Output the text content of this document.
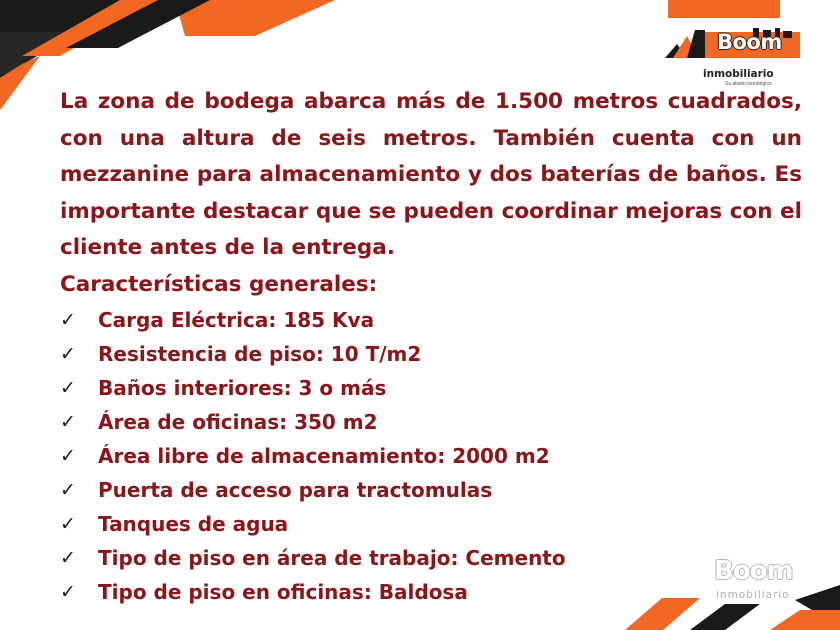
Boom
inmobiliario
Su aliado estratégico

La zona de bodega abarca más de 1.500 metros cuadrados, con una altura de seis metros. También cuenta con un mezzanine para almacenamiento y dos baterías de baños. Es importante destacar que se pueden coordinar mejoras con el cliente antes de la entrega.

Características generales:

✓	Carga Eléctrica: 185 Kva
✓	Resistencia de piso: 10 T/m2
✓	Baños interiores: 3 o más
✓	Área de oficinas: 350 m2
✓	Área libre de almacenamiento: 2000 m2
✓	Puerta de acceso para tractomulas
✓	Tanques de agua
✓	Tipo de piso en área de trabajo: Cemento
✓	Tipo de piso en oficinas: Baldosa
Boom
inmobiliario
